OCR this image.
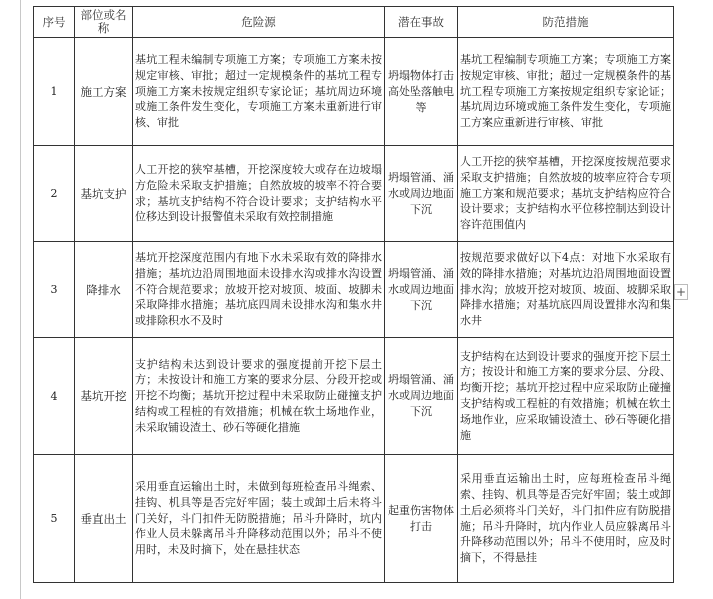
序号	部位或名称	危险源	潜在事故	防范措施
1	施工方案	基坑工程未编制专项施工方案；专项施工方案未按规定审核、审批；超过一定规模条件的基坑工程专项施工方案未按规定组织专家论证；基坑周边环境或施工条件发生变化，专项施工方案未重新进行审核、审批	坍塌物体打击高处坠落触电等	基坑工程编制专项施工方案；专项施工方案按规定审核、审批；超过一定规模条件的基坑工程专项施工方案按规定组织专家论证；基坑周边环境或施工条件发生变化，专项施工方案应重新进行审核、审批
2	基坑支护	人工开挖的狭窄基槽，开挖深度较大或存在边坡塌方危险未采取支护措施；自然放坡的坡率不符合要求；基坑支护结构不符合设计要求；支护结构水平位移达到设计报警值未采取有效控制措施	坍塌管涌、涌水或周边地面下沉	人工开挖的狭窄基槽，开挖深度按规范要求采取支护措施；自然放坡的坡率应符合专项施工方案和规范要求；基坑支护结构应符合设计要求；支护结构水平位移控制达到设计容许范围值内
3	降排水	基坑开挖深度范围内有地下水未采取有效的降排水措施；基坑边沿周围地面未设排水沟或排水沟设置不符合规范要求；放坡开挖对坡顶、坡面、坡脚未采取降排水措施；基坑底四周未设排水沟和集水井或排除积水不及时	坍塌管涌、涌水或周边地面下沉	按规范要求做好以下4点：对地下水采取有效的降排水措施；对基坑边沿周围地面设置排水沟；放坡开挖对坡顶、坡面、坡脚采取降排水措施；对基坑底四周设置排水沟和集水井
4	基坑开挖	支护结构未达到设计要求的强度提前开挖下层土方；未按设计和施工方案的要求分层、分段开挖或开挖不均衡；基坑开挖过程中未采取防止碰撞支护结构或工程桩的有效措施；机械在软土场地作业，未采取铺设渣土、砂石等硬化措施	坍塌管涌、涌水或周边地面下沉	支护结构在达到设计要求的强度开挖下层土方；按设计和施工方案的要求分层、分段、均衡开挖；基坑开挖过程中应采取防止碰撞支护结构或工程桩的有效措施；机械在软土场地作业，应采取铺设渣土、砂石等硬化措施
5	垂直出土	采用垂直运输出土时，未做到每班检查吊斗绳索、挂钩、机具等是否完好牢固；装土或卸土后未将斗门关好，斗门扣件无防脱措施；吊斗升降时，坑内作业人员未躲离吊斗升降移动范围以外；吊斗不使用时，未及时摘下，处在悬挂状态	起重伤害物体打击	采用垂直运输出土时，应每班检查吊斗绳索、挂钩、机具等是否完好牢固；装土或卸土后必须将斗门关好，斗门扣件应有防脱措施；吊斗升降时，坑内作业人员应躲离吊斗升降移动范围以外；吊斗不使用时，应及时摘下，不得悬挂
+
